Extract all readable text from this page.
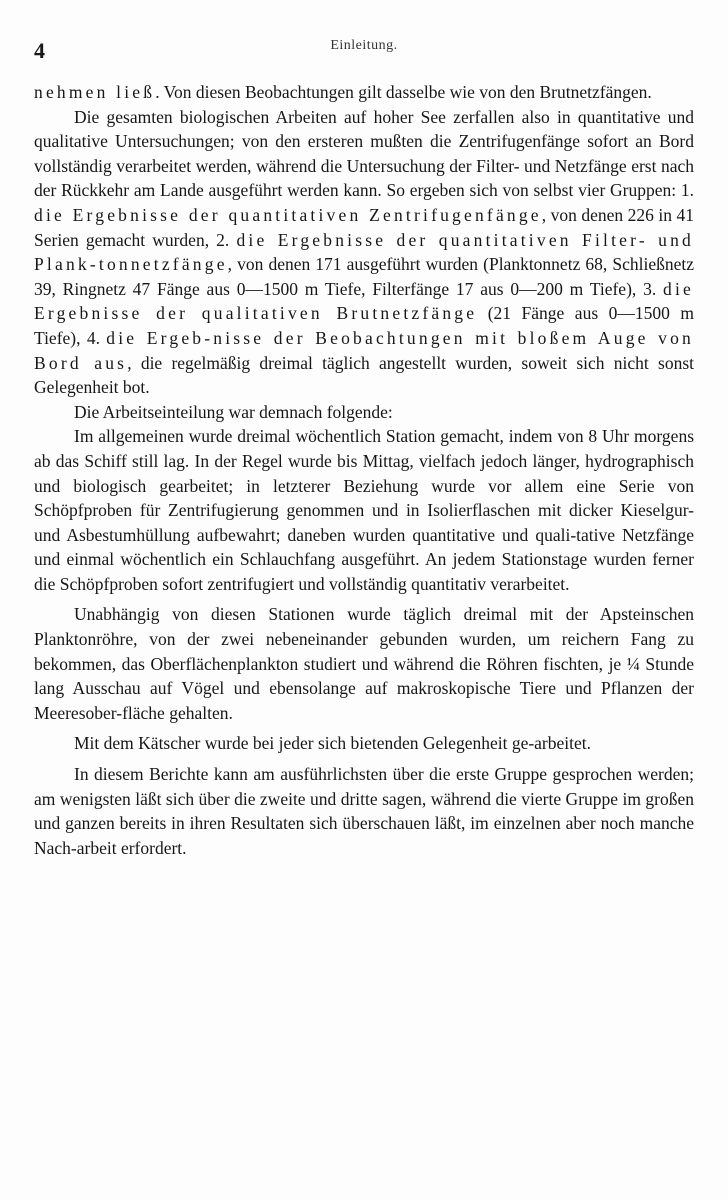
4	Einleitung.

nehmen ließ. Von diesen Beobachtungen gilt dasselbe wie von den Brutnetzfängen.

Die gesamten biologischen Arbeiten auf hoher See zerfallen also in quantitative und qualitative Untersuchungen; von den ersteren mußten die Zentrifugenfänge sofort an Bord vollständig verarbeitet werden, während die Untersuchung der Filter- und Netzfänge erst nach der Rückkehr am Lande ausgeführt werden kann. So ergeben sich von selbst vier Gruppen: 1. die Ergebnisse der quantitativen Zentrifugenfänge, von denen 226 in 41 Serien gemacht wurden, 2. die Ergebnisse der quantitativen Filter- und Plank-tonnetzfänge, von denen 171 ausgeführt wurden (Planktonnetz 68, Schließnetz 39, Ringnetz 47 Fänge aus 0—1500 m Tiefe, Filterfänge 17 aus 0—200 m Tiefe), 3. die Ergebnisse der qualitativen Brutnetzfänge (21 Fänge aus 0—1500 m Tiefe), 4. die Ergeb-nisse der Beobachtungen mit bloßem Auge von Bord aus, die regelmäßig dreimal täglich angestellt wurden, soweit sich nicht sonst Gelegenheit bot.

Die Arbeitseinteilung war demnach folgende:

Im allgemeinen wurde dreimal wöchentlich Station gemacht, indem von 8 Uhr morgens ab das Schiff still lag. In der Regel wurde bis Mittag, vielfach jedoch länger, hydrographisch und biologisch gearbeitet; in letzterer Beziehung wurde vor allem eine Serie von Schöpfproben für Zentrifugierung genommen und in Isolierflaschen mit dicker Kieselgur- und Asbestumhüllung aufbewahrt; daneben wurden quantitative und quali-tative Netzfänge und einmal wöchentlich ein Schlauchfang ausgeführt. An jedem Stationstage wurden ferner die Schöpfproben sofort zentrifugiert und vollständig quantitativ verarbeitet.

Unabhängig von diesen Stationen wurde täglich dreimal mit der Apsteinschen Planktonröhre, von der zwei nebeneinander gebunden wurden, um reichern Fang zu bekommen, das Oberflächenplankton studiert und während die Röhren fischten, je ¼ Stunde lang Ausschau auf Vögel und ebensolange auf makroskopische Tiere und Pflanzen der Meeresober-fläche gehalten.

Mit dem Kätscher wurde bei jeder sich bietenden Gelegenheit ge-arbeitet.

In diesem Berichte kann am ausführlichsten über die erste Gruppe gesprochen werden; am wenigsten läßt sich über die zweite und dritte sagen, während die vierte Gruppe im großen und ganzen bereits in ihren Resultaten sich überschauen läßt, im einzelnen aber noch manche Nach-arbeit erfordert.
